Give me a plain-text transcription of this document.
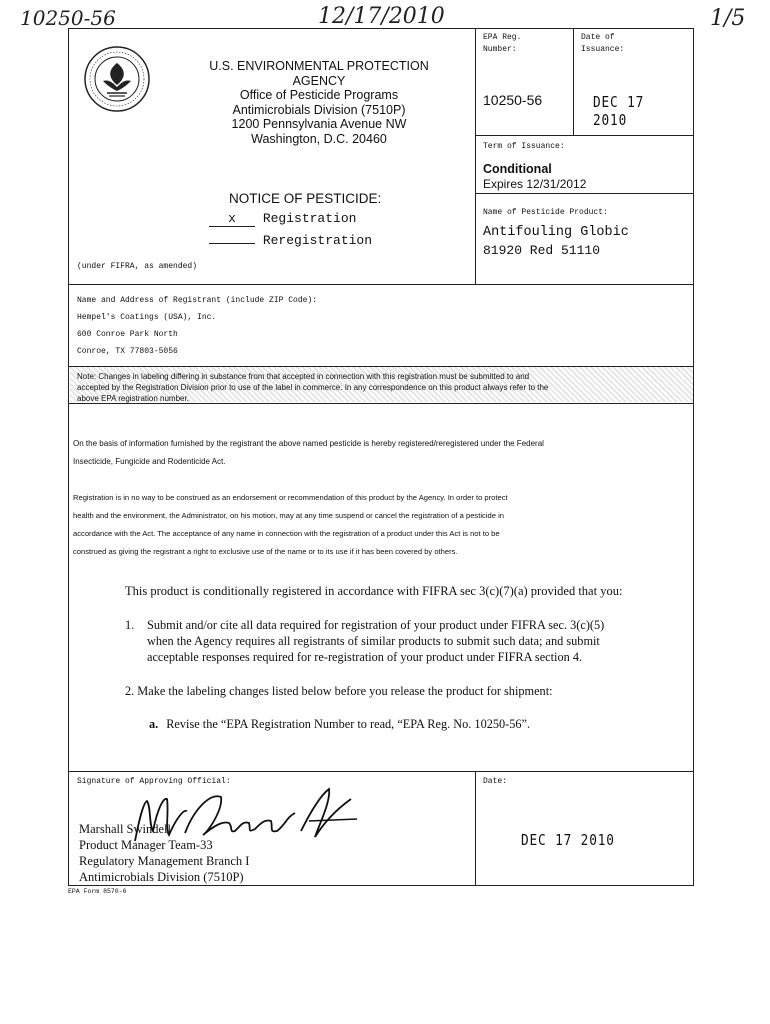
10250-56	12/17/2010	1/5
U.S. ENVIRONMENTAL PROTECTION
AGENCY
Office of Pesticide Programs
Antimicrobials Division (7510P)
1200 Pennsylvania Avenue NW
Washington, D.C. 20460
NOTICE OF PESTICIDE:
x Registration
Reregistration
(under FIFRA, as amended)
EPA Reg.
Number:
10250-56
Date of
Issuance:
DEC 17 2010
Term of Issuance:
Conditional
Expires 12/31/2012
Name of Pesticide Product:
Antifouling Globic
81920 Red 51110
Name and Address of Registrant (include ZIP Code):
Hempel's Coatings (USA), Inc.
600 Conroe Park North
Conroe, TX 77803-5056
Note: Changes in labeling differing in substance from that accepted in connection with this registration must be submitted to and
accepted by the Registration Division prior to use of the label in commerce. In any correspondence on this product always refer to the
above EPA registration number.
On the basis of information furnished by the registrant the above named pesticide is hereby registered/reregistered under the Federal
Insecticide, Fungicide and Rodenticide Act.
Registration is in no way to be construed as an endorsement or recommendation of this product by the Agency. In order to protect
health and the environment, the Administrator, on his motion, may at any time suspend or cancel the registration of a pesticide in
accordance with the Act. The acceptance of any name in connection with the registration of a product under this Act is not to be
construed as giving the registrant a right to exclusive use of the name or to its use if it has been covered by others.
This product is conditionally registered in accordance with FIFRA sec 3(c)(7)(a) provided that you:
1. Submit and/or cite all data required for registration of your product under FIFRA sec. 3(c)(5)
when the Agency requires all registrants of similar products to submit such data; and submit
acceptable responses required for re-registration of your product under FIFRA section 4.
2. Make the labeling changes listed below before you release the product for shipment:
a. Revise the “EPA Registration Number to read, “EPA Reg. No. 10250-56”.
Signature of Approving Official:
Marshall Swindell
Product Manager Team-33
Regulatory Management Branch I
Antimicrobials Division (7510P)
Date:
DEC 17 2010
EPA Form 8570-6
